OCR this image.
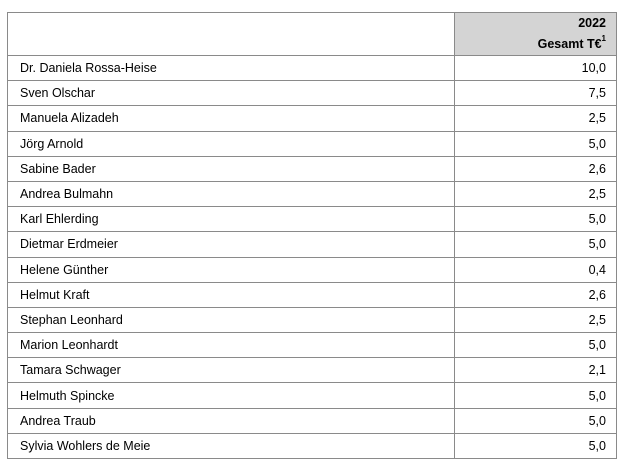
	2022
Gesamt T€$^1$

Dr. Daniela Rossa-Heise	10,0
Sven Olschar	7,5
Manuela Alizadeh	2,5
Jörg Arnold	5,0
Sabine Bader	2,6
Andrea Bulmahn	2,5
Karl Ehlerding	5,0
Dietmar Erdmeier	5,0
Helene Günther	0,4
Helmut Kraft	2,6
Stephan Leonhard	2,5
Marion Leonhardt	5,0
Tamara Schwager	2,1
Helmuth Spincke	5,0
Andrea Traub	5,0
Sylvia Wohlers de Meie	5,0
